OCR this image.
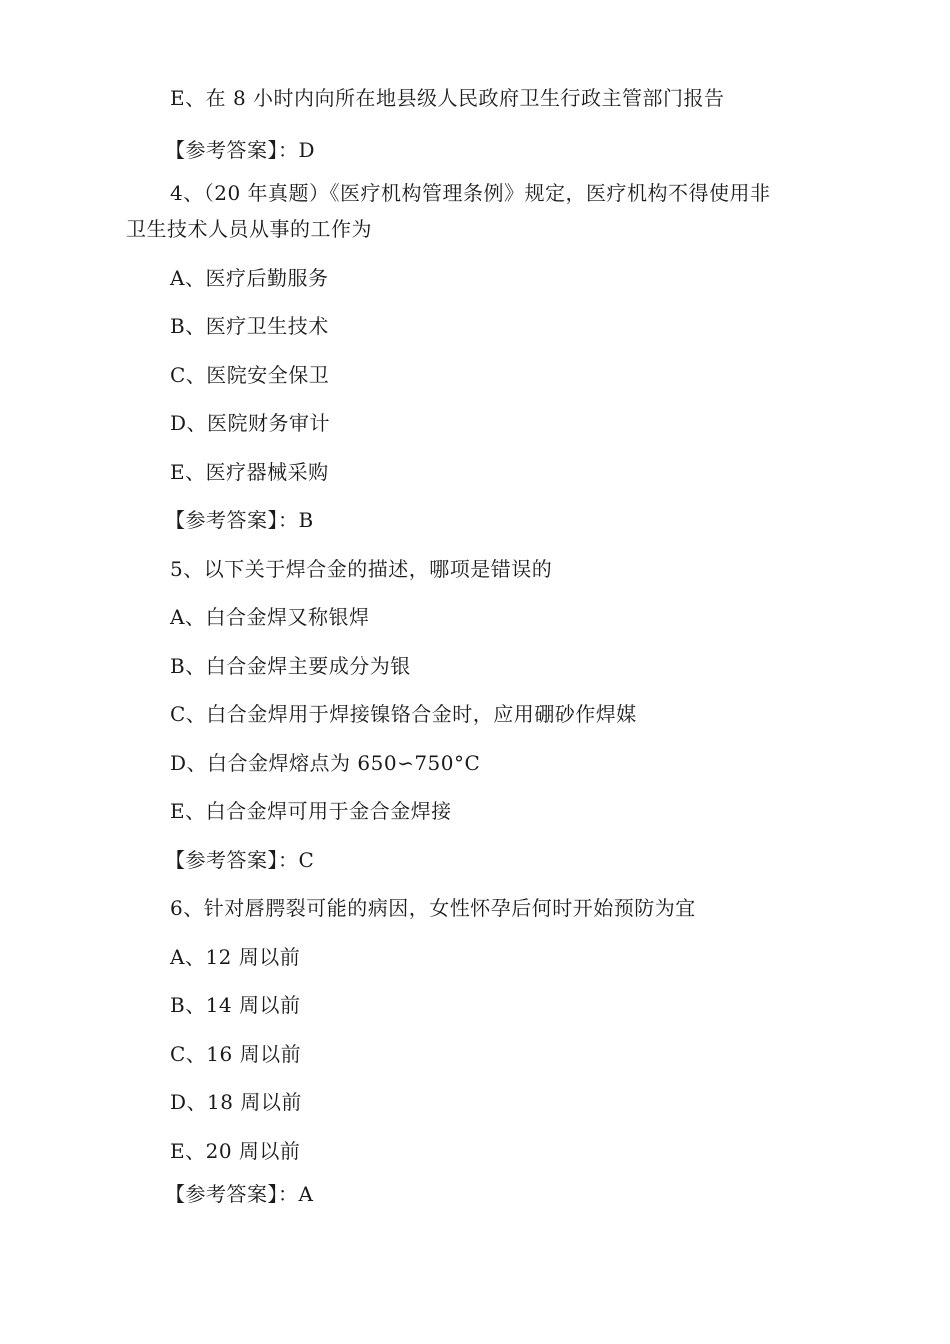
E、在 8 小时内向所在地县级人民政府卫生行政主管部门报告
【参考答案】：D
4、（20 年真题）《医疗机构管理条例》规定，医疗机构不得使用非
卫生技术人员从事的工作为
A、医疗后勤服务
B、医疗卫生技术
C、医院安全保卫
D、医院财务审计
E、医疗器械采购
【参考答案】：B
5、以下关于焊合金的描述，哪项是错误的
A、白合金焊又称银焊
B、白合金焊主要成分为银
C、白合金焊用于焊接镍铬合金时，应用硼砂作焊媒
D、白合金焊熔点为 650∽750°C
E、白合金焊可用于金合金焊接
【参考答案】：C
6、针对唇腭裂可能的病因，女性怀孕后何时开始预防为宜
A、12 周以前
B、14 周以前
C、16 周以前
D、18 周以前
E、20 周以前
【参考答案】：A
